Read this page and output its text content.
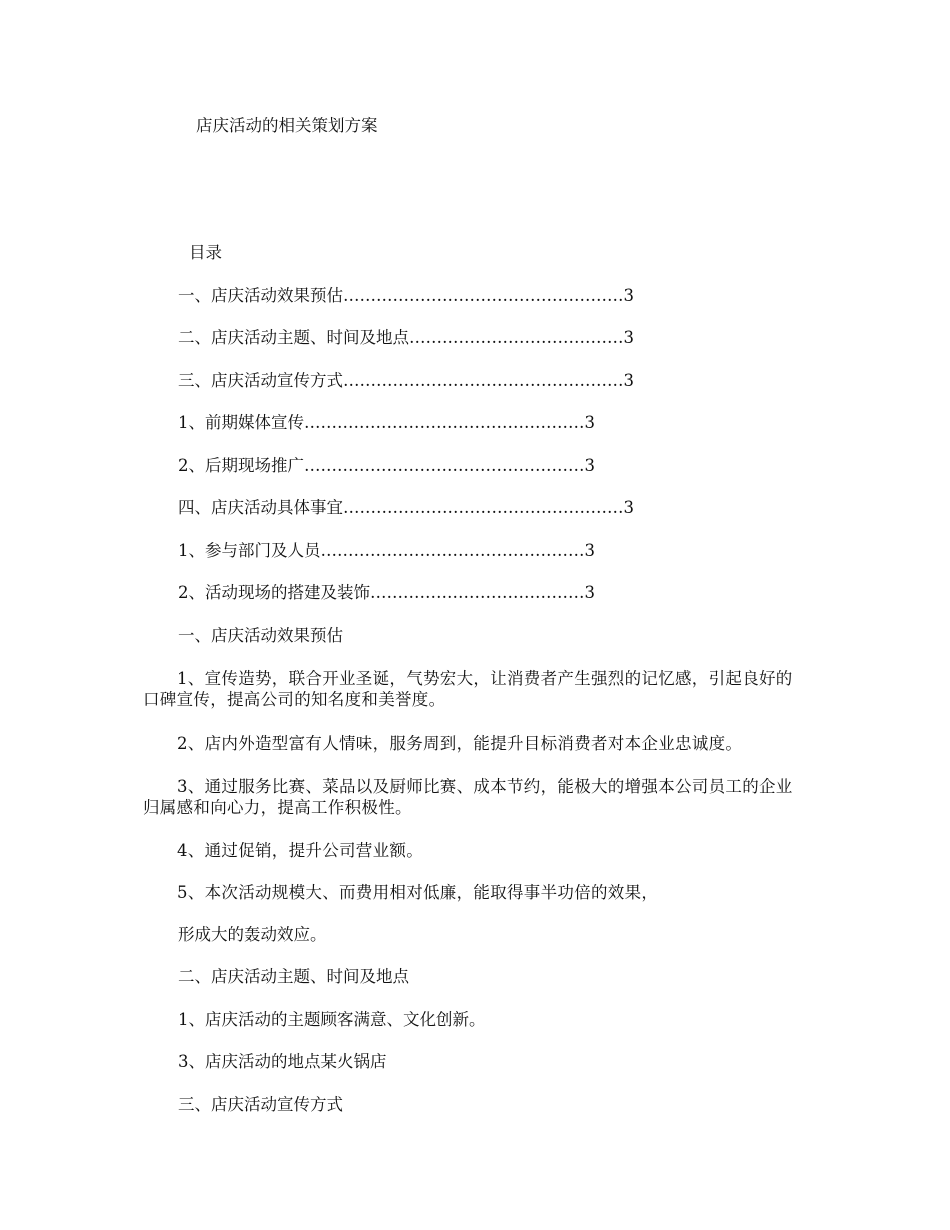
店庆活动的相关策划方案
目录
一、店庆活动效果预估……………………………………………3
二、店庆活动主题、时间及地点…………………………………3
三、店庆活动宣传方式……………………………………………3
1、前期媒体宣传……………………………………………3
2、后期现场推广……………………………………………3
四、店庆活动具体事宜……………………………………………3
1、参与部门及人员…………………………………………3
2、活动现场的搭建及装饰…………………………………3
一、店庆活动效果预估
1、宣传造势，联合开业圣诞，气势宏大，让消费者产生强烈的记忆感，引起良好的口碑宣传，提高公司的知名度和美誉度。
2、店内外造型富有人情味，服务周到，能提升目标消费者对本企业忠诚度。
3、通过服务比赛、菜品以及厨师比赛、成本节约，能极大的增强本公司员工的企业归属感和向心力，提高工作积极性。
4、通过促销，提升公司营业额。
5、本次活动规模大、而费用相对低廉，能取得事半功倍的效果，
形成大的轰动效应。
二、店庆活动主题、时间及地点
1、店庆活动的主题顾客满意、文化创新。
3、店庆活动的地点某火锅店
三、店庆活动宣传方式
